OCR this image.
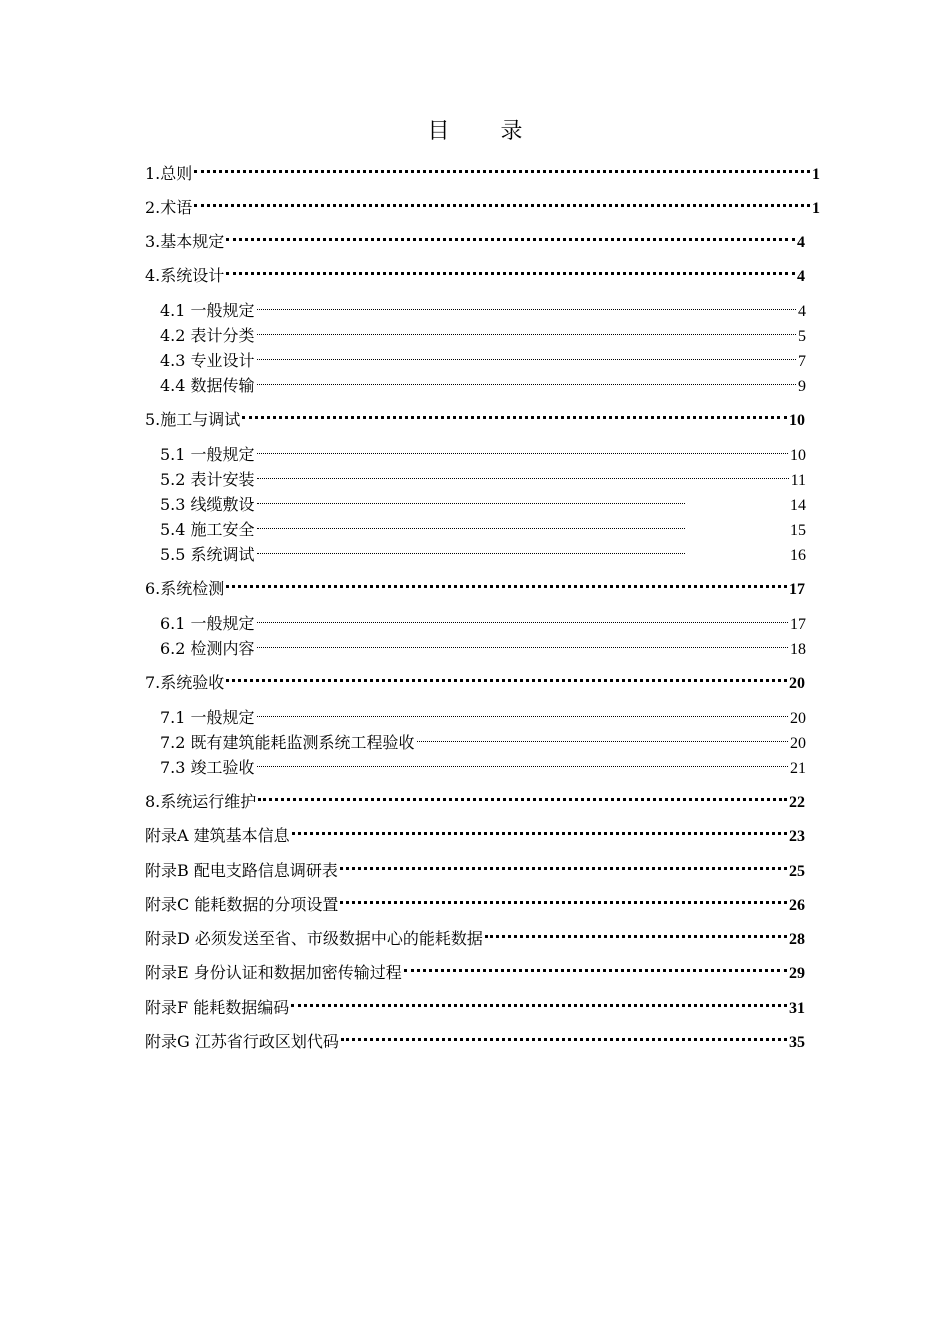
目 录
1.总则	1
2.术语	1
3.基本规定	4
4.系统设计	4
4.1 一般规定	4
4.2 表计分类	5
4.3 专业设计	7
4.4 数据传输	9
5.施工与调试	10
5.1 一般规定	10
5.2 表计安装	11
5.3 线缆敷设	14
5.4 施工安全	15
5.5 系统调试	16
6.系统检测	17
6.1 一般规定	17
6.2 检测内容	18
7.系统验收	20
7.1 一般规定	20
7.2 既有建筑能耗监测系统工程验收	20
7.3 竣工验收	21
8.系统运行维护	22
附录A 建筑基本信息	23
附录B 配电支路信息调研表	25
附录C 能耗数据的分项设置	26
附录D 必须发送至省、市级数据中心的能耗数据	28
附录E 身份认证和数据加密传输过程	29
附录F 能耗数据编码	31
附录G 江苏省行政区划代码	35
